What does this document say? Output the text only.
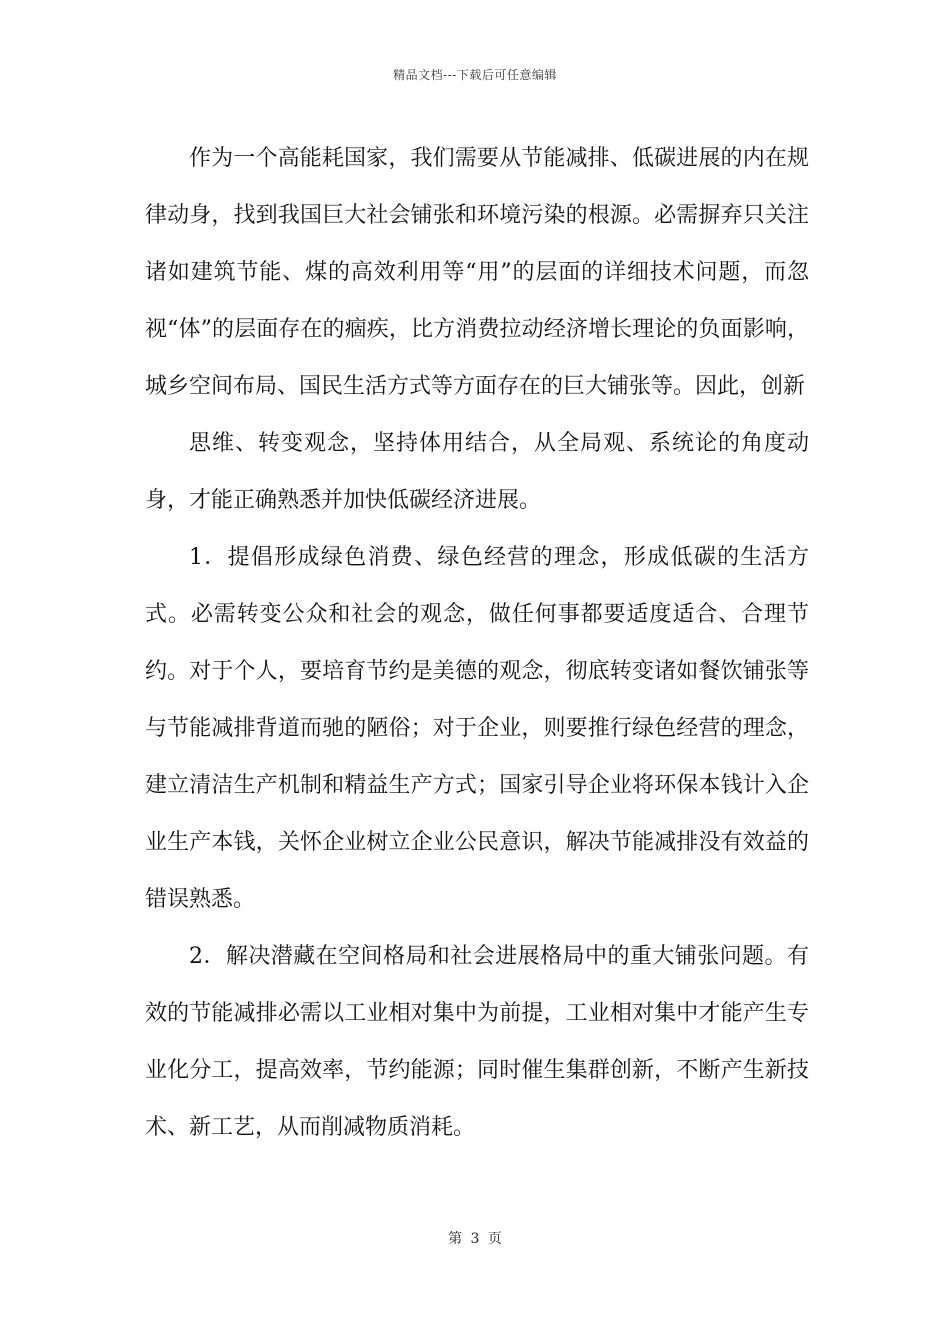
精品文档---下载后可任意编辑

作为一个高能耗国家，我们需要从节能减排、低碳进展的内在规律动身，找到我国巨大社会铺张和环境污染的根源。必需摒弃只关注诸如建筑节能、煤的高效利用等“用”的层面的详细技术问题，而忽视“体”的层面存在的痼疾，比方消费拉动经济增长理论的负面影响，城乡空间布局、国民生活方式等方面存在的巨大铺张等。因此，创新

思维、转变观念，坚持体用结合，从全局观、系统论的角度动身，才能正确熟悉并加快低碳经济进展。

1．提倡形成绿色消费、绿色经营的理念，形成低碳的生活方式。必需转变公众和社会的观念，做任何事都要适度适合、合理节约。对于个人，要培育节约是美德的观念，彻底转变诸如餐饮铺张等与节能减排背道而驰的陋俗；对于企业，则要推行绿色经营的理念，建立清洁生产机制和精益生产方式；国家引导企业将环保本钱计入企业生产本钱，关怀企业树立企业公民意识，解决节能减排没有效益的错误熟悉。

2．解决潜藏在空间格局和社会进展格局中的重大铺张问题。有效的节能减排必需以工业相对集中为前提，工业相对集中才能产生专业化分工，提高效率，节约能源；同时催生集群创新，不断产生新技术、新工艺，从而削减物质消耗。

第 3 页
